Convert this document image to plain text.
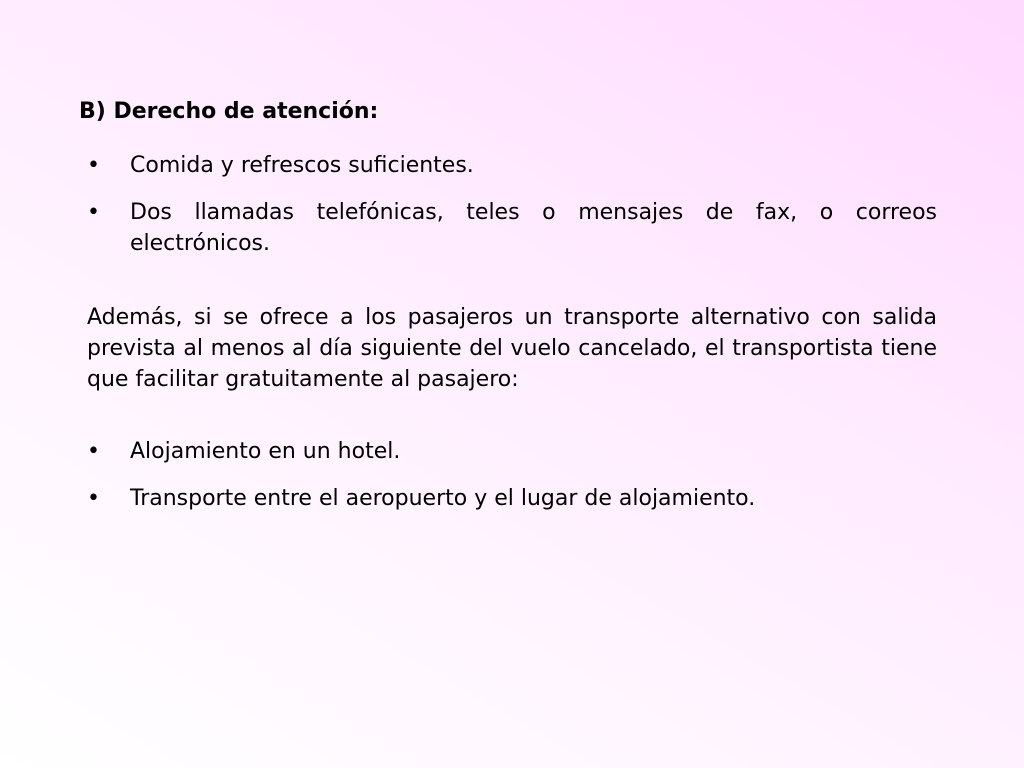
B) Derecho de atención:
•	Comida y refrescos suficientes.
•	Dos llamadas telefónicas, teles o mensajes de fax, o correos electrónicos.

Además, si se ofrece a los pasajeros un transporte alternativo con salida prevista al menos al día siguiente del vuelo cancelado, el transportista tiene que facilitar gratuitamente al pasajero:

•	Alojamiento en un hotel.
•	Transporte entre el aeropuerto y el lugar de alojamiento.
